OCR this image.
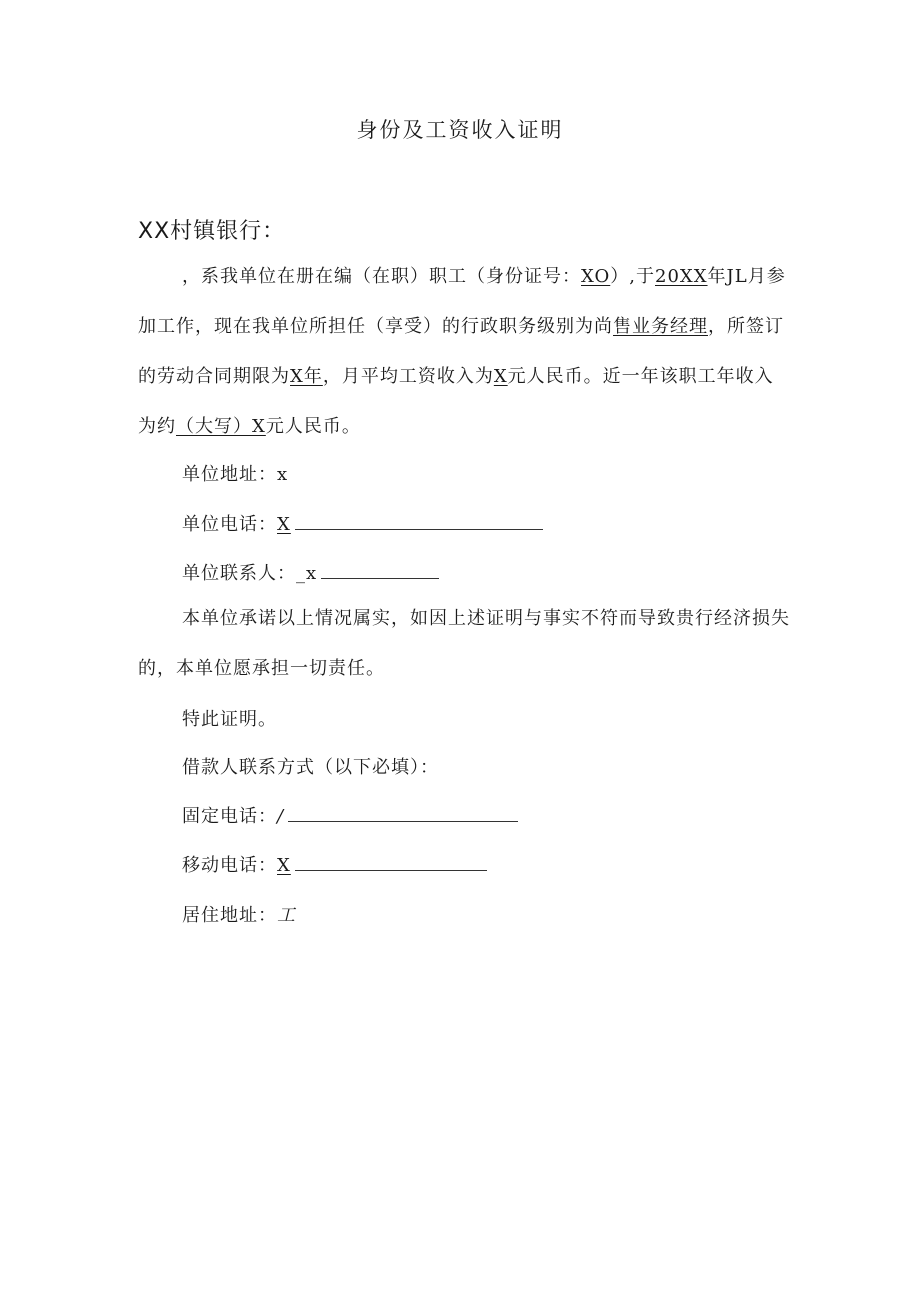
身份及工资收入证明
XX村镇银行：
，系我单位在册在编（在职）职工（身份证号：XO）,于20XX年JL月参加工作，现在我单位所担任（享受）的行政职务级别为尚售业务经理，所签订的劳动合同期限为X年，月平均工资收入为X元人民币。近一年该职工年收入为约（大写）X元人民币。
单位地址：x
单位电话：X
单位联系人：_x
本单位承诺以上情况属实，如因上述证明与事实不符而导致贵行经济损失的，本单位愿承担一切责任。
特此证明。
借款人联系方式（以下必填）：
固定电话：/
移动电话：X
居住地址：工
